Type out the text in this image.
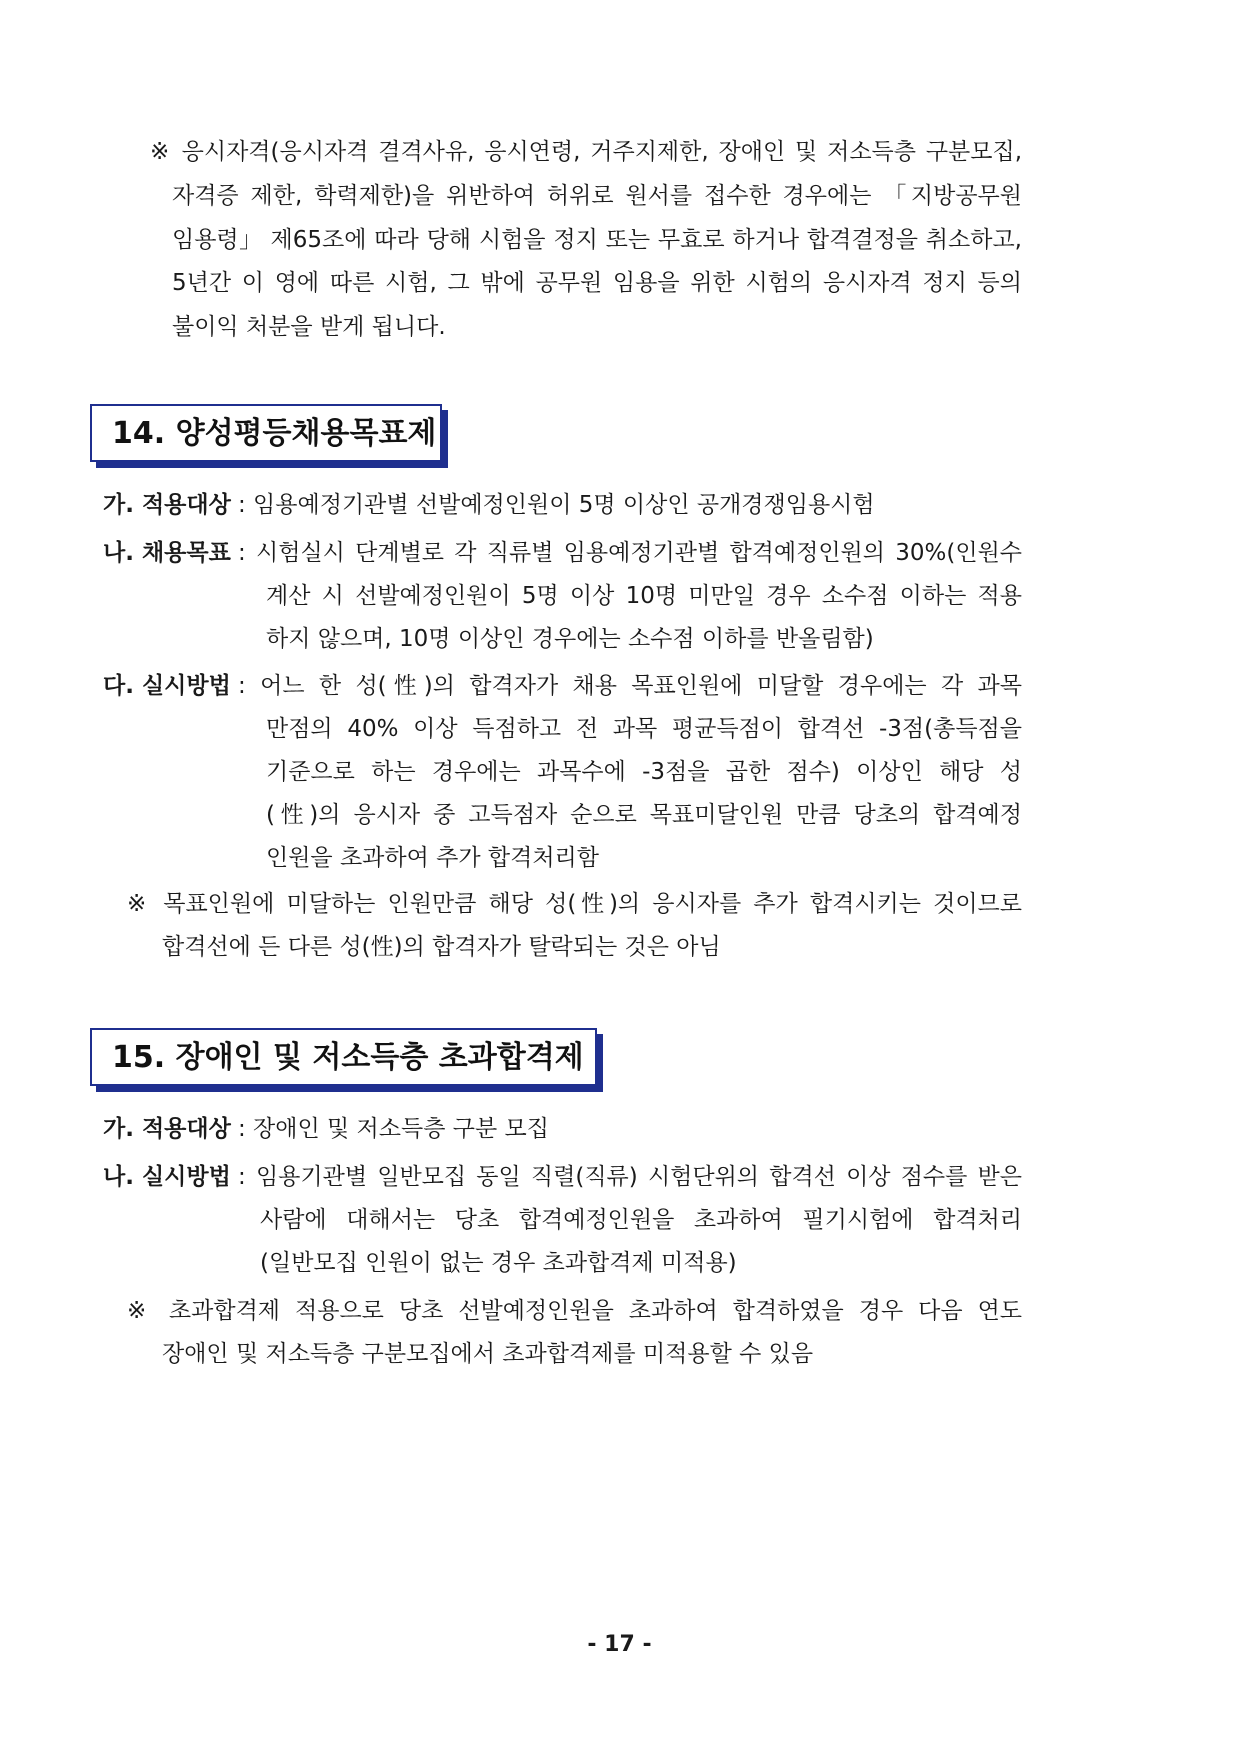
※ 응시자격(응시자격 결격사유, 응시연령, 거주지제한, 장애인 및 저소득층 구분모집,
자격증 제한, 학력제한)을 위반하여 허위로 원서를 접수한 경우에는 「지방공무원
임용령」 제65조에 따라 당해 시험을 정지 또는 무효로 하거나 합격결정을 취소하고,
5년간 이 영에 따른 시험, 그 밖에 공무원 임용을 위한 시험의 응시자격 정지 등의
불이익 처분을 받게 됩니다.
14. 양성평등채용목표제
가. 적용대상 : 임용예정기관별 선발예정인원이 5명 이상인 공개경쟁임용시험
나. 채용목표 : 시험실시 단계별로 각 직류별 임용예정기관별 합격예정인원의 30%(인원수
계산 시 선발예정인원이 5명 이상 10명 미만일 경우 소수점 이하는 적용
하지 않으며, 10명 이상인 경우에는 소수점 이하를 반올림함)
다. 실시방법 : 어느 한 성(性)의 합격자가 채용 목표인원에 미달할 경우에는 각 과목
만점의 40% 이상 득점하고 전 과목 평균득점이 합격선 -3점(총득점을
기준으로 하는 경우에는 과목수에 -3점을 곱한 점수) 이상인 해당 성
(性)의 응시자 중 고득점자 순으로 목표미달인원 만큼 당초의 합격예정
인원을 초과하여 추가 합격처리함
※ 목표인원에 미달하는 인원만큼 해당 성(性)의 응시자를 추가 합격시키는 것이므로
합격선에 든 다른 성(性)의 합격자가 탈락되는 것은 아님
15. 장애인 및 저소득층 초과합격제
가. 적용대상 : 장애인 및 저소득층 구분 모집
나. 실시방법 : 임용기관별 일반모집 동일 직렬(직류) 시험단위의 합격선 이상 점수를 받은
사람에 대해서는 당초 합격예정인원을 초과하여 필기시험에 합격처리
(일반모집 인원이 없는 경우 초과합격제 미적용)
※ 초과합격제 적용으로 당초 선발예정인원을 초과하여 합격하였을 경우 다음 연도
장애인 및 저소득층 구분모집에서 초과합격제를 미적용할 수 있음
- 17 -
